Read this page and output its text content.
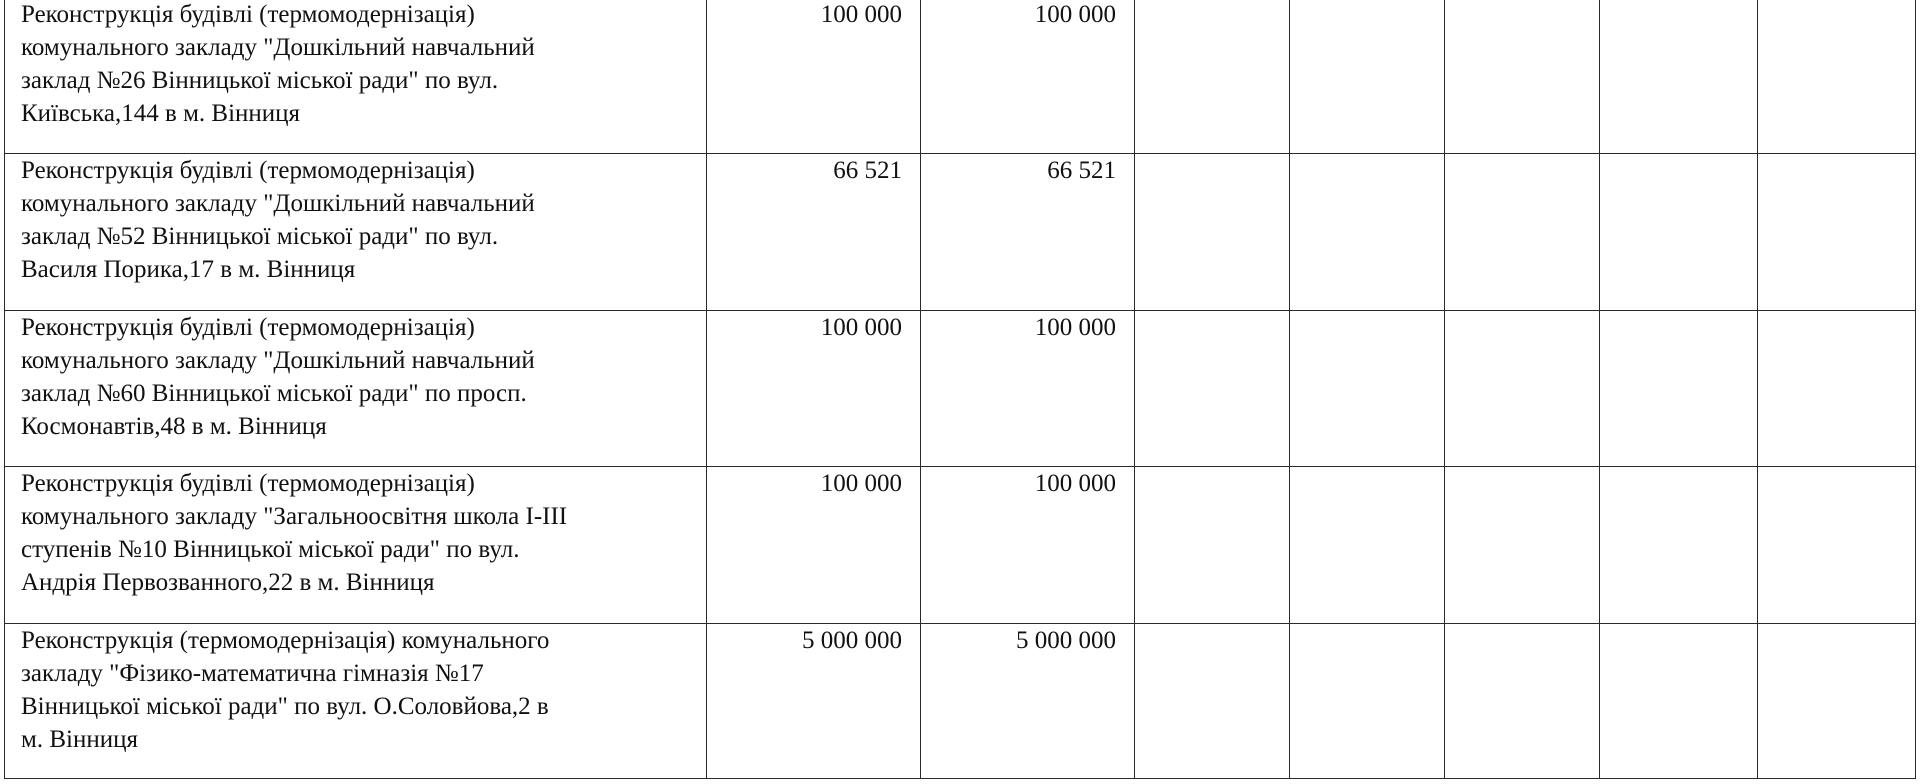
Реконструкція будівлі (термомодернізація)
комунального закладу "Дошкільний навчальний
заклад №26 Вінницької міської ради" по вул.
Київська,144 в м. Вінниця	100 000	100 000					

Реконструкція будівлі (термомодернізація)
комунального закладу "Дошкільний навчальний
заклад №52 Вінницької міської ради" по вул.
Василя Порика,17 в м. Вінниця	66 521	66 521					

Реконструкція будівлі (термомодернізація)
комунального закладу "Дошкільний навчальний
заклад №60 Вінницької міської ради" по просп.
Космонавтів,48 в м. Вінниця	100 000	100 000					

Реконструкція будівлі (термомодернізація)
комунального закладу "Загальноосвітня школа І-ІІІ
ступенів №10 Вінницької міської ради" по вул.
Андрія Первозванного,22 в м. Вінниця	100 000	100 000					

Реконструкція (термомодернізація) комунального
закладу "Фізико-математична гімназія №17
Вінницької міської ради" по вул. О.Соловйова,2 в
м. Вінниця	5 000 000	5 000 000					
